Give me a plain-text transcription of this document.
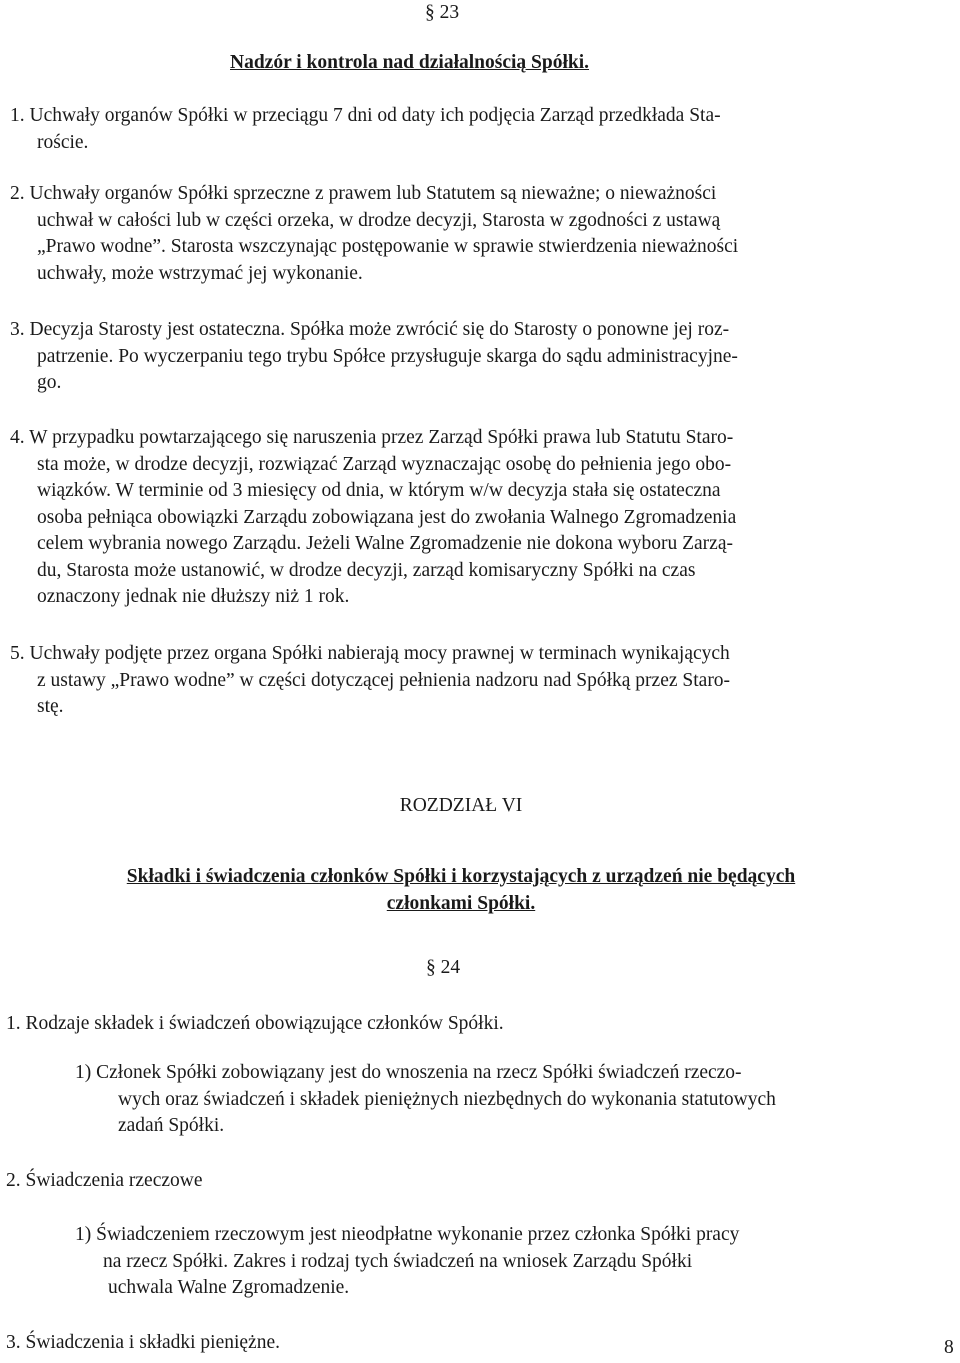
§ 23
Nadzór i kontrola nad działalnością Spółki.
1. Uchwały organów Spółki w przeciągu 7 dni od daty ich podjęcia Zarząd przedkłada Sta-
roście.
2. Uchwały organów Spółki sprzeczne z prawem lub Statutem są nieważne; o nieważności
uchwał w całości lub w części orzeka, w drodze decyzji, Starosta w zgodności z ustawą
„Prawo wodne”. Starosta wszczynając postępowanie w sprawie stwierdzenia nieważności
uchwały, może wstrzymać jej wykonanie.
3. Decyzja Starosty jest ostateczna. Spółka może zwrócić się do Starosty o ponowne jej roz-
patrzenie. Po wyczerpaniu tego trybu Spółce przysługuje skarga do sądu administracyjne-
go.
4. W przypadku powtarzającego się naruszenia przez Zarząd Spółki prawa lub Statutu Staro-
sta może, w drodze decyzji, rozwiązać Zarząd wyznaczając osobę do pełnienia jego obo-
wiązków. W terminie od 3 miesięcy od dnia, w którym w/w decyzja stała się ostateczna
osoba pełniąca obowiązki Zarządu zobowiązana jest do zwołania Walnego Zgromadzenia
celem wybrania nowego Zarządu. Jeżeli Walne Zgromadzenie nie dokona wyboru Zarzą-
du, Starosta może ustanowić, w drodze decyzji, zarząd komisaryczny Spółki na czas
oznaczony jednak nie dłuższy niż 1 rok.
5. Uchwały podjęte przez organa Spółki nabierają mocy prawnej w terminach wynikających
z ustawy „Prawo wodne” w części dotyczącej pełnienia nadzoru nad Spółką przez Staro-
stę.
ROZDZIAŁ VI
Składki i świadczenia członków Spółki i korzystających z urządzeń nie będących
członkami Spółki.
§ 24
1. Rodzaje składek i świadczeń obowiązujące członków Spółki.
1) Członek Spółki zobowiązany jest do wnoszenia na rzecz Spółki świadczeń rzeczo-
wych oraz świadczeń i składek pieniężnych niezbędnych do wykonania statutowych
zadań Spółki.
2. Świadczenia rzeczowe
1) Świadczeniem rzeczowym jest nieodpłatne wykonanie przez członka Spółki pracy
na rzecz Spółki. Zakres i rodzaj tych świadczeń na wniosek Zarządu Spółki
uchwala Walne Zgromadzenie.
3. Świadczenia i składki pieniężne.	8
